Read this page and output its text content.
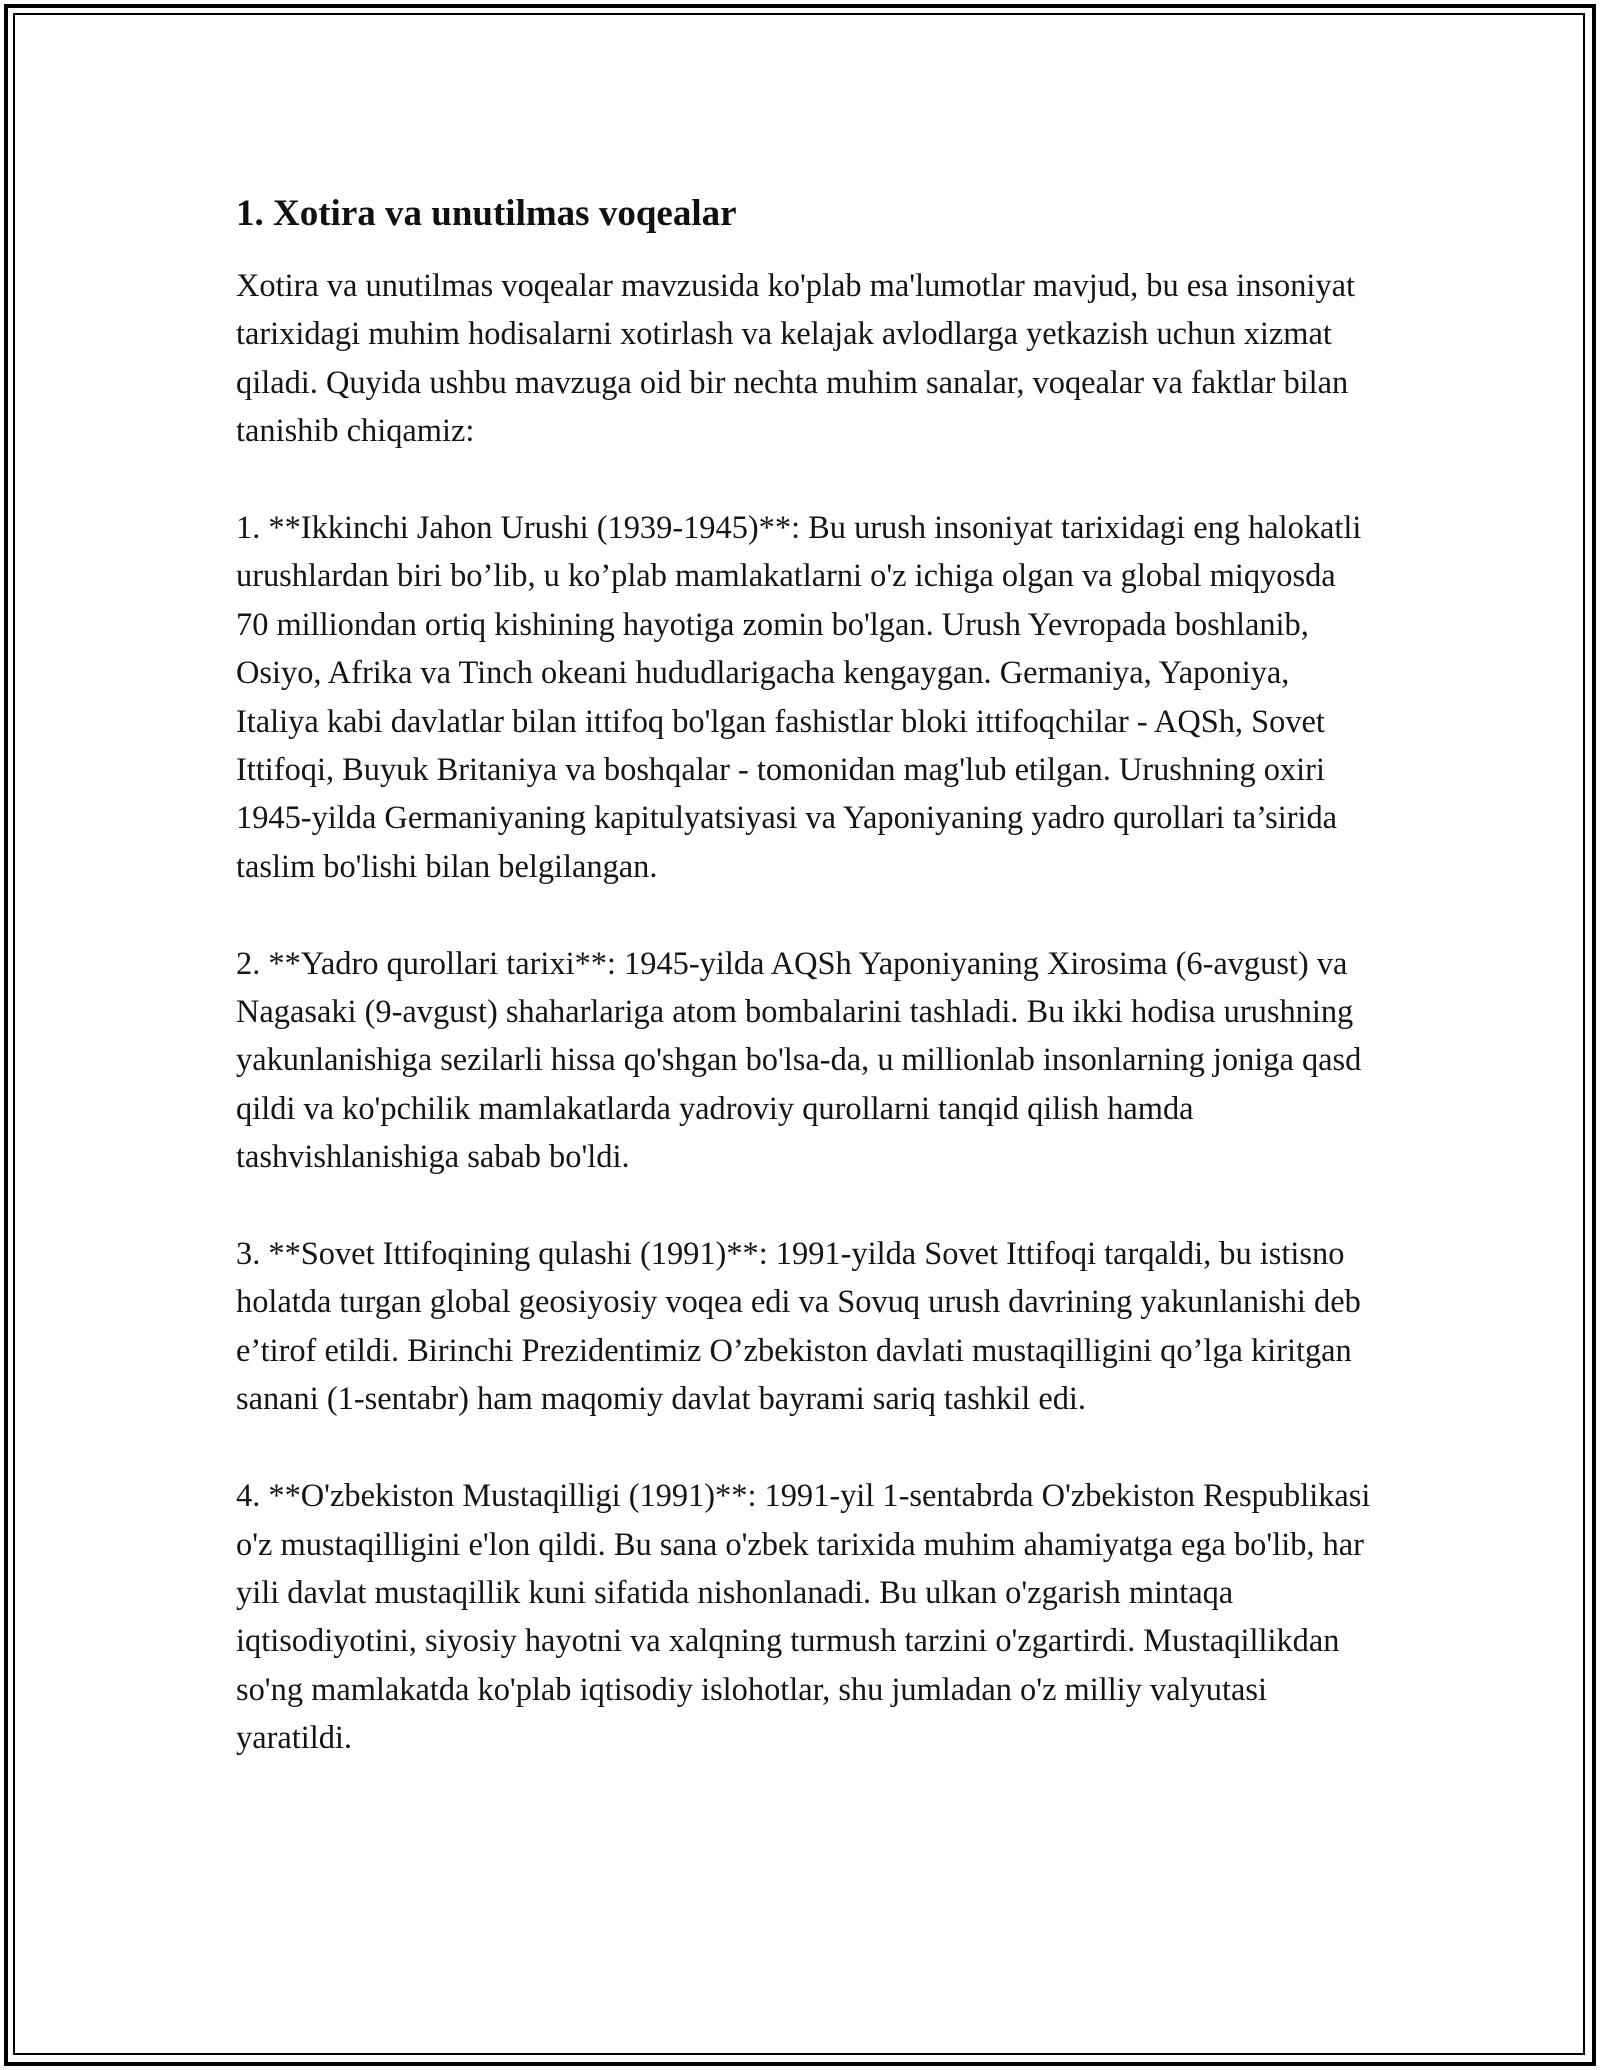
1. Xotira va unutilmas voqealar

Xotira va unutilmas voqealar mavzusida ko'plab ma'lumotlar mavjud, bu esa insoniyat tarixidagi muhim hodisalarni xotirlash va kelajak avlodlarga yetkazish uchun xizmat qiladi. Quyida ushbu mavzuga oid bir nechta muhim sanalar, voqealar va faktlar bilan tanishib chiqamiz:

1. **Ikkinchi Jahon Urushi (1939-1945)**: Bu urush insoniyat tarixidagi eng halokatli urushlardan biri bo’lib, u ko’plab mamlakatlarni o'z ichiga olgan va global miqyosda 70 milliondan ortiq kishining hayotiga zomin bo'lgan. Urush Yevropada boshlanib, Osiyo, Afrika va Tinch okeani hududlarigacha kengaygan. Germaniya, Yaponiya, Italiya kabi davlatlar bilan ittifoq bo'lgan fashistlar bloki ittifoqchilar - AQSh, Sovet Ittifoqi, Buyuk Britaniya va boshqalar - tomonidan mag'lub etilgan. Urushning oxiri 1945-yilda Germaniyaning kapitulyatsiyasi va Yaponiyaning yadro qurollari ta’sirida taslim bo'lishi bilan belgilangan.

2. **Yadro qurollari tarixi**: 1945-yilda AQSh Yaponiyaning Xirosima (6-avgust) va Nagasaki (9-avgust) shaharlariga atom bombalarini tashladi. Bu ikki hodisa urushning yakunlanishiga sezilarli hissa qo'shgan bo'lsa-da, u millionlab insonlarning joniga qasd qildi va ko'pchilik mamlakatlarda yadroviy qurollarni tanqid qilish hamda tashvishlanishiga sabab bo'ldi.

3. **Sovet Ittifoqining qulashi (1991)**: 1991-yilda Sovet Ittifoqi tarqaldi, bu istisno holatda turgan global geosiyosiy voqea edi va Sovuq urush davrining yakunlanishi deb e’tirof etildi. Birinchi Prezidentimiz O’zbekiston davlati mustaqilligini qo’lga kiritgan sanani (1-sentabr) ham maqomiy davlat bayrami sariq tashkil edi.

4. **O'zbekiston Mustaqilligi (1991)**: 1991-yil 1-sentabrda O'zbekiston Respublikasi o'z mustaqilligini e'lon qildi. Bu sana o'zbek tarixida muhim ahamiyatga ega bo'lib, har yili davlat mustaqillik kuni sifatida nishonlanadi. Bu ulkan o'zgarish mintaqa iqtisodiyotini, siyosiy hayotni va xalqning turmush tarzini o'zgartirdi. Mustaqillikdan so'ng mamlakatda ko'plab iqtisodiy islohotlar, shu jumladan o'z milliy valyutasi yaratildi.
